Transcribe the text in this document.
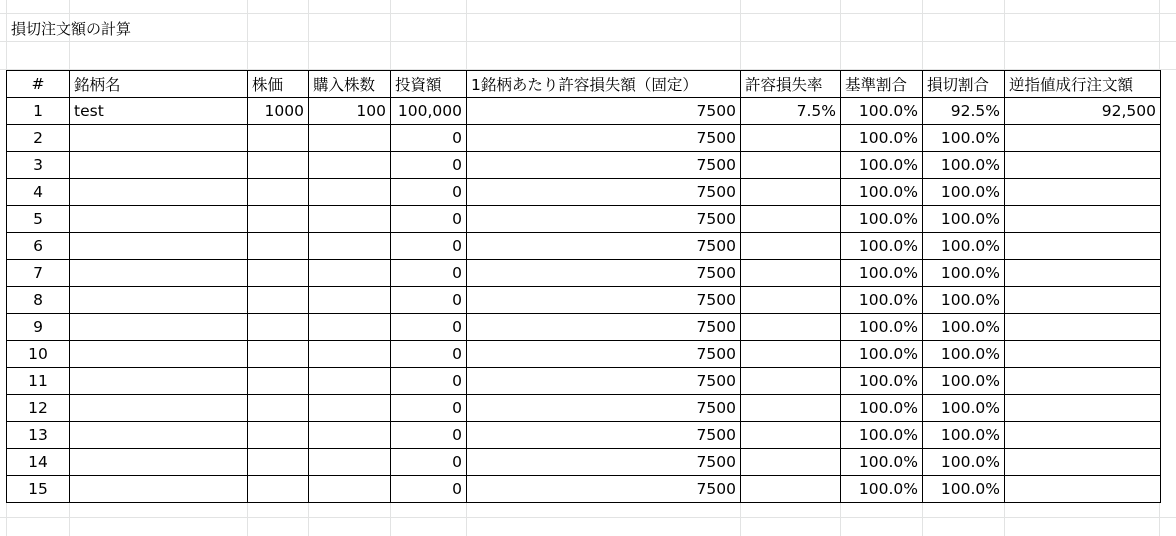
損切注文額の計算
#	銘柄名	株価	購入株数	投資額	1銘柄あたり許容損失額（固定）	許容損失率	基準割合	損切割合	逆指値成行注文額
1	test	1000	100	100,000	7500	7.5%	100.0%	92.5%	92,500
2				0	7500		100.0%	100.0%	
3				0	7500		100.0%	100.0%	
4				0	7500		100.0%	100.0%	
5				0	7500		100.0%	100.0%	
6				0	7500		100.0%	100.0%	
7				0	7500		100.0%	100.0%	
8				0	7500		100.0%	100.0%	
9				0	7500		100.0%	100.0%	
10				0	7500		100.0%	100.0%	
11				0	7500		100.0%	100.0%	
12				0	7500		100.0%	100.0%	
13				0	7500		100.0%	100.0%	
14				0	7500		100.0%	100.0%	
15				0	7500		100.0%	100.0%	
